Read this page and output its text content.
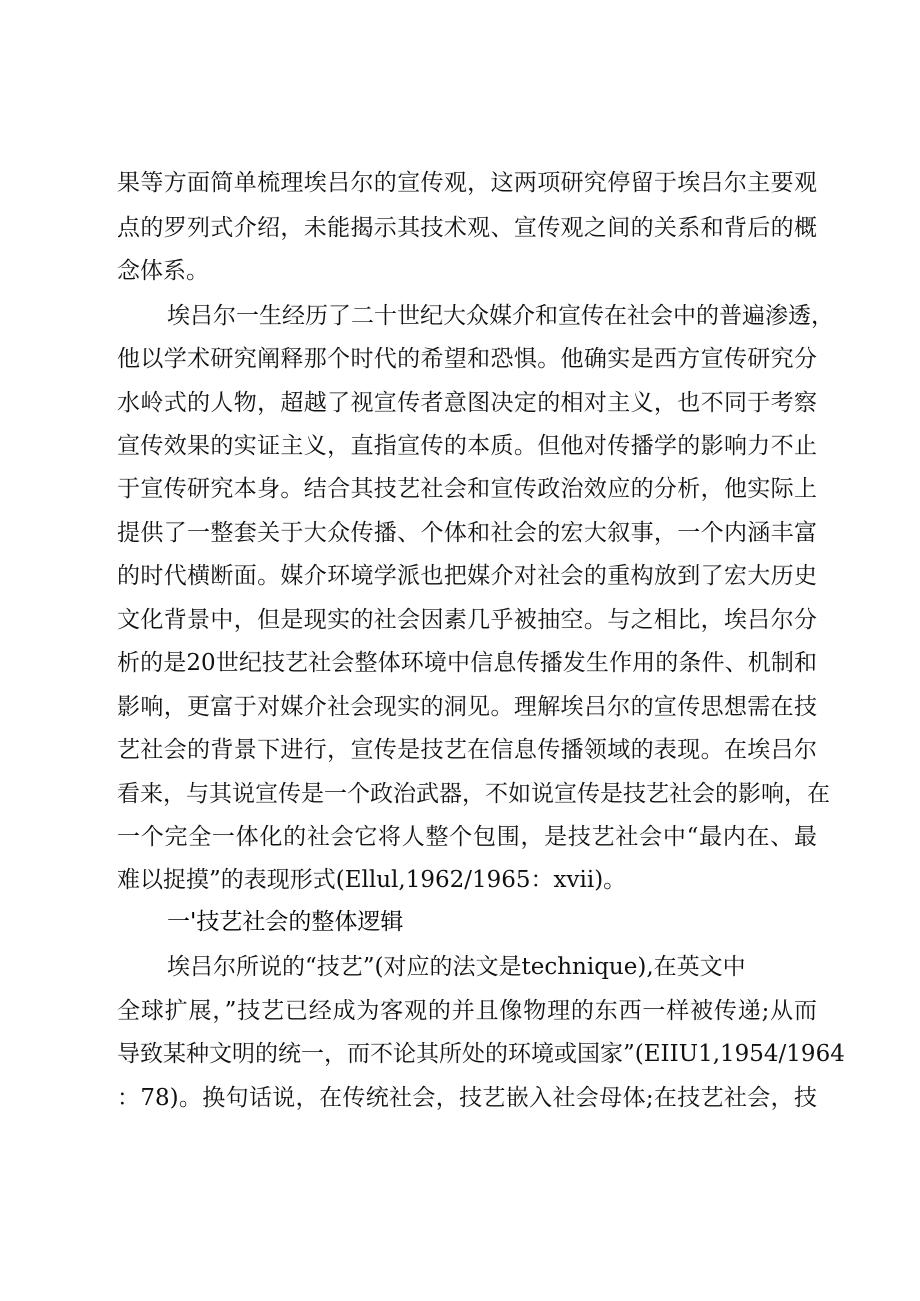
果等方面简单梳理埃吕尔的宣传观，这两项研究停留于埃吕尔主要观
点的罗列式介绍，未能揭示其技术观、宣传观之间的关系和背后的概
念体系。
埃吕尔一生经历了二十世纪大众媒介和宣传在社会中的普遍渗透，
他以学术研究阐释那个时代的希望和恐惧。他确实是西方宣传研究分
水岭式的人物，超越了视宣传者意图决定的相对主义，也不同于考察
宣传效果的实证主义，直指宣传的本质。但他对传播学的影响力不止
于宣传研究本身。结合其技艺社会和宣传政治效应的分析，他实际上
提供了一整套关于大众传播、个体和社会的宏大叙事，一个内涵丰富
的时代横断面。媒介环境学派也把媒介对社会的重构放到了宏大历史
文化背景中，但是现实的社会因素几乎被抽空。与之相比，埃吕尔分
析的是20世纪技艺社会整体环境中信息传播发生作用的条件、机制和
影响，更富于对媒介社会现实的洞见。理解埃吕尔的宣传思想需在技
艺社会的背景下进行，宣传是技艺在信息传播领域的表现。在埃吕尔
看来，与其说宣传是一个政治武器，不如说宣传是技艺社会的影响，在
一个完全一体化的社会它将人整个包围，是技艺社会中“最内在、最
难以捉摸”的表现形式(Ellul,1962/1965：xvii)。
一'技艺社会的整体逻辑
埃吕尔所说的“技艺”(对应的法文是technique),在英文中
全球扩展，”技艺已经成为客观的并且像物理的东西一样被传递;从而
导致某种文明的统一，而不论其所处的环境或国家”(EIIU1,1954/1964
：78)。换句话说，在传统社会，技艺嵌入社会母体;在技艺社会，技
